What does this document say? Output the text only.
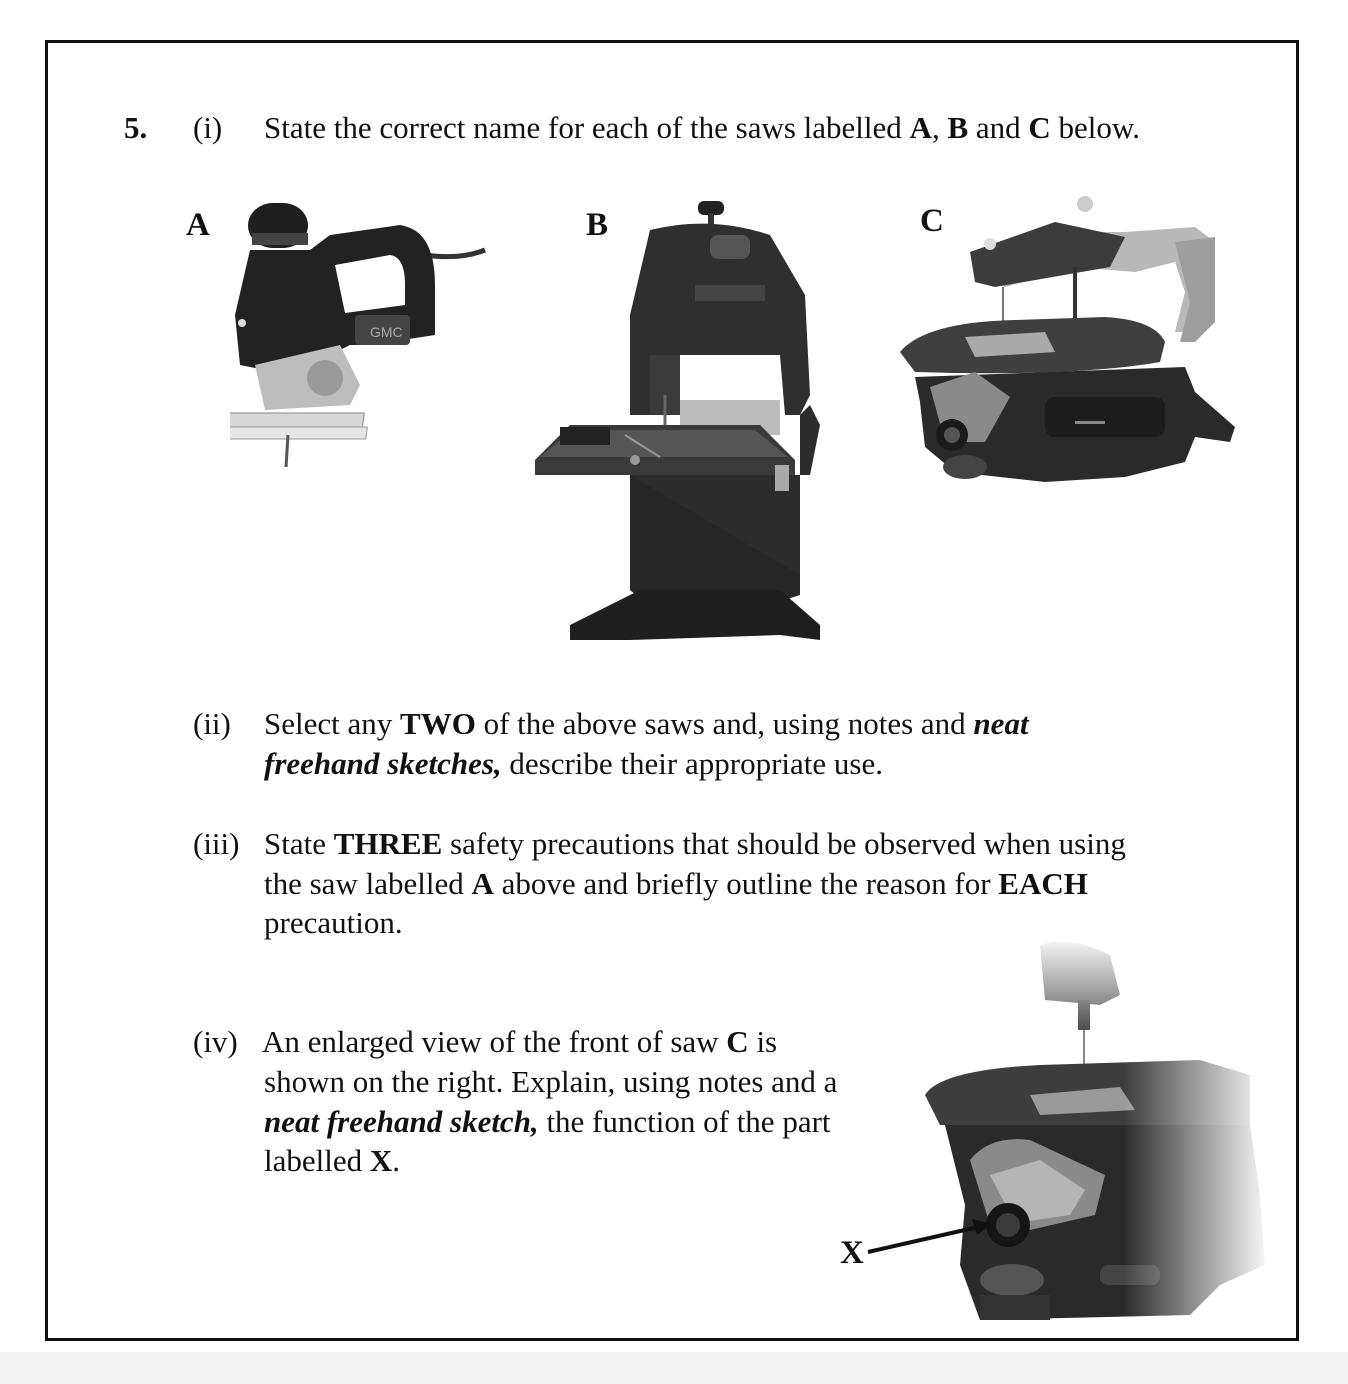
5. (i) State the correct name for each of the saws labelled A, B and C below.
A	B	C
GMC
▬▬▬
(ii) Select any TWO of the above saws and, using notes and neat
freehand sketches, describe their appropriate use.
(iii) State THREE safety precautions that should be observed when using
the saw labelled A above and briefly outline the reason for EACH
precaution.
(iv) An enlarged view of the front of saw C is
shown on the right. Explain, using notes and a
neat freehand sketch, the function of the part
labelled X.
X
